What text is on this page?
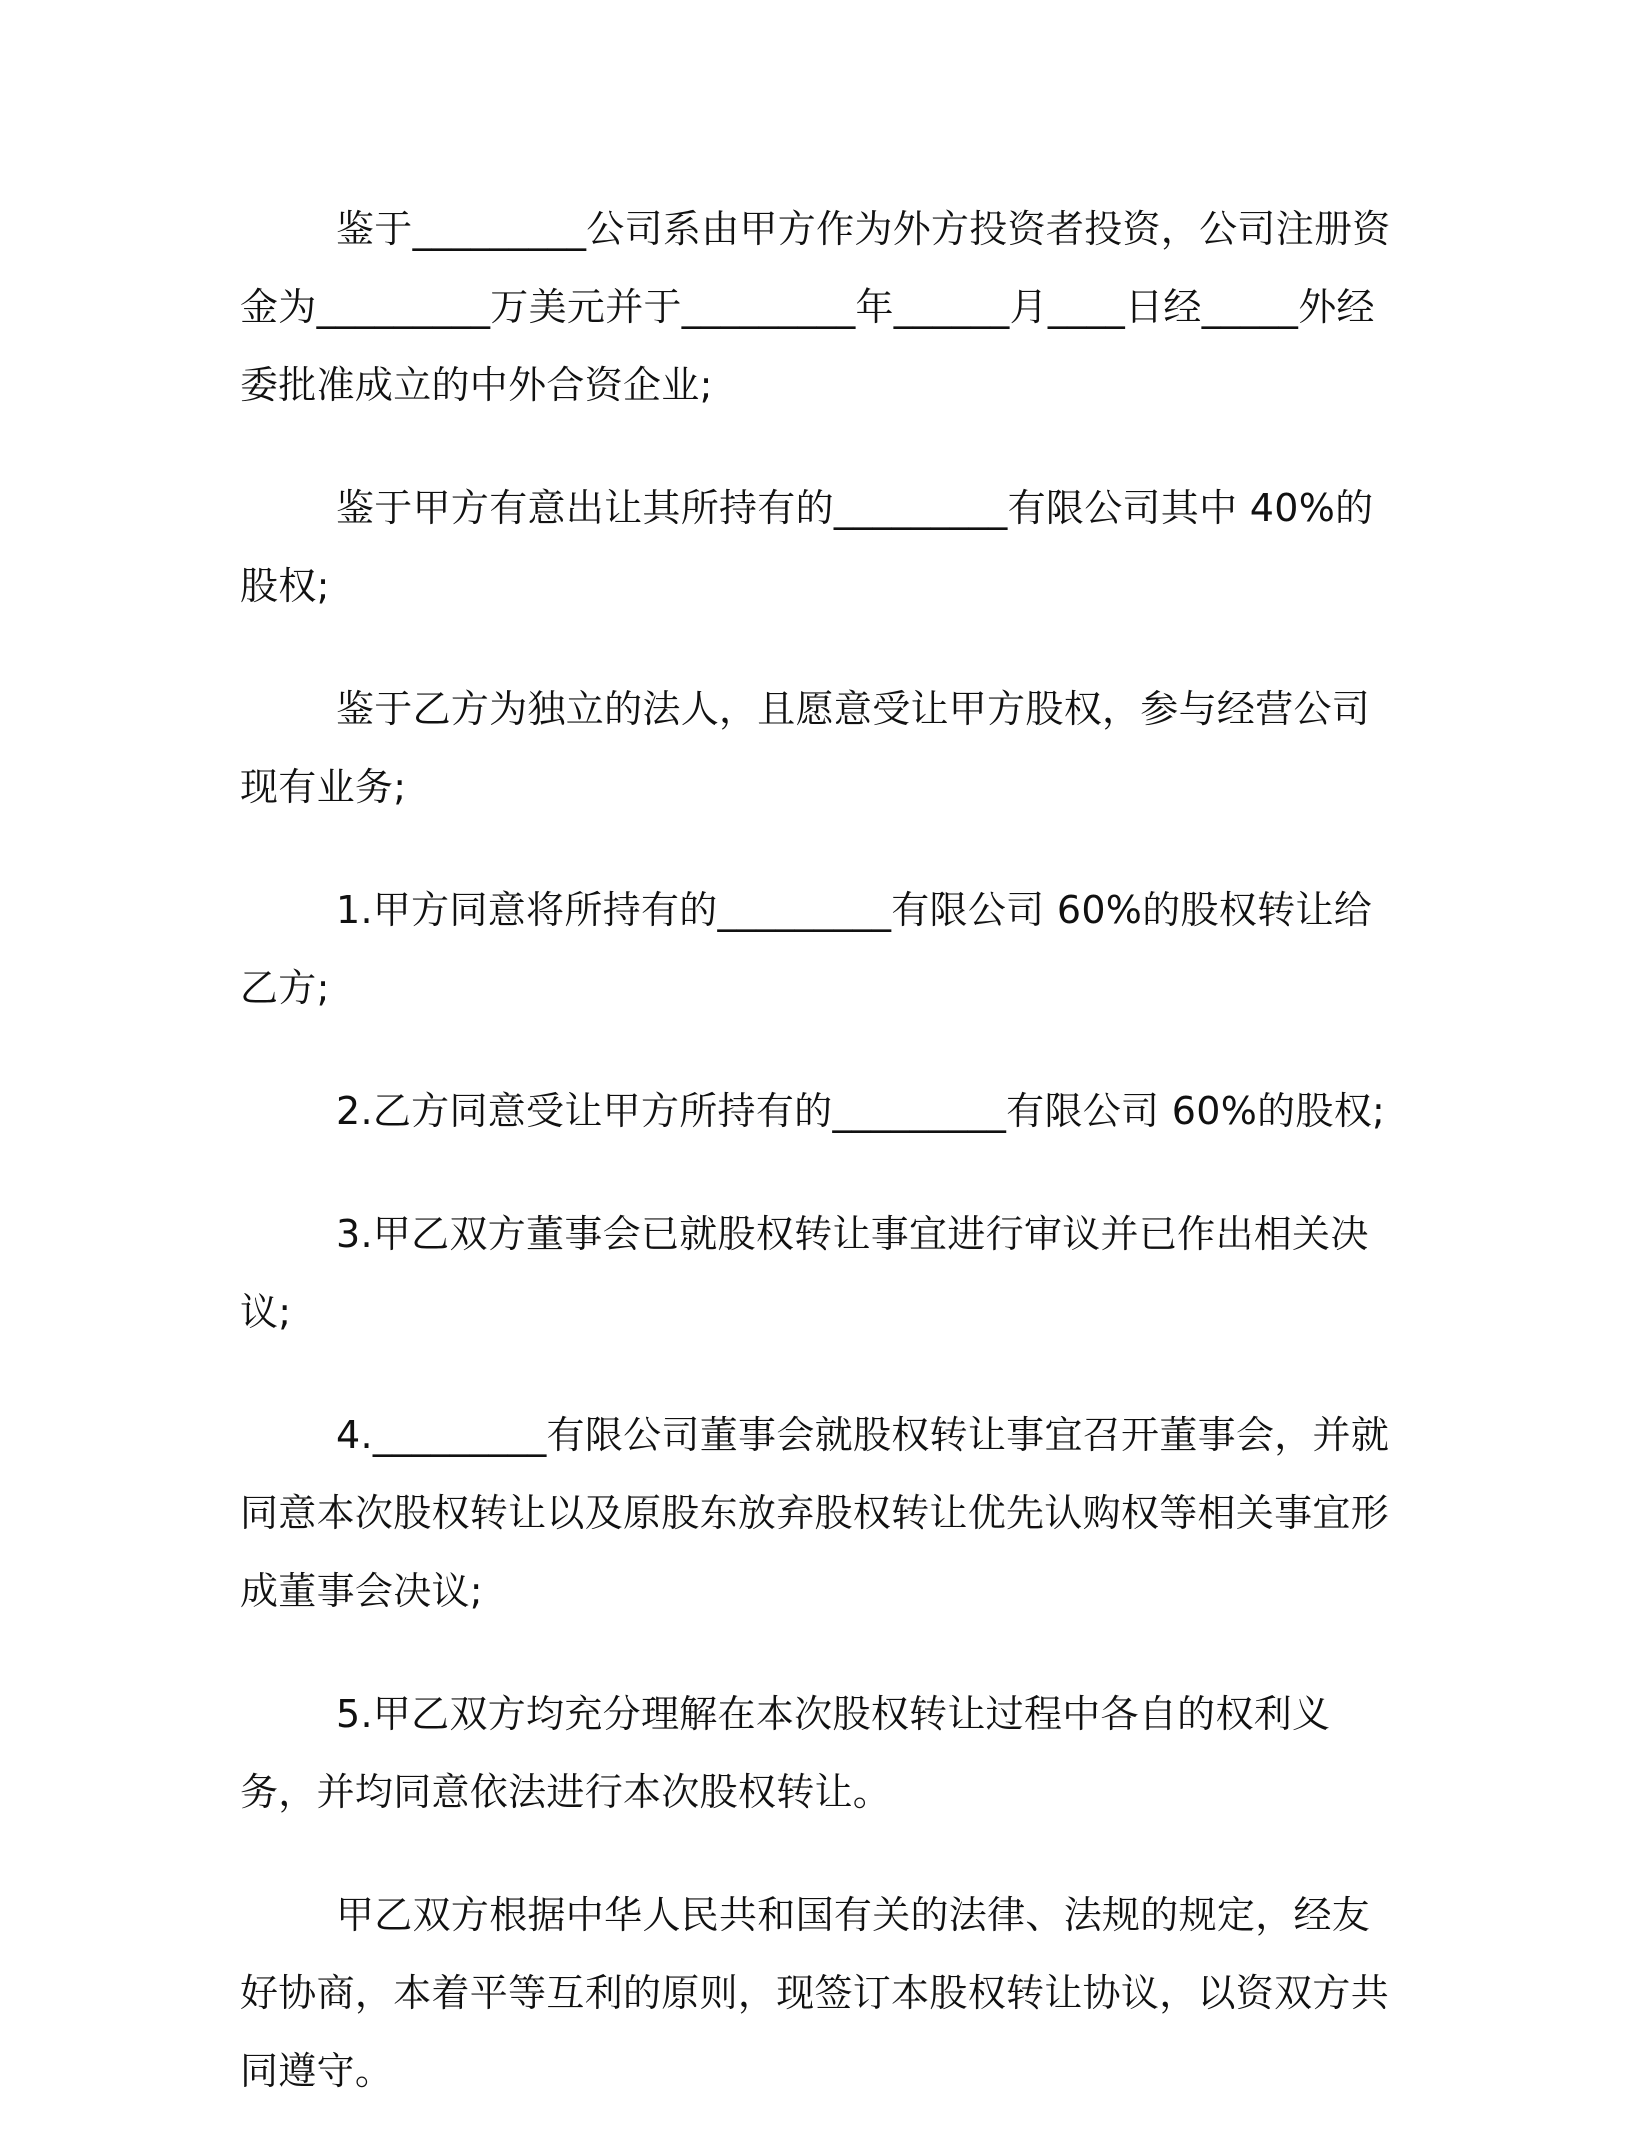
鉴于_________公司系由甲方作为外方投资者投资，公司注册资金为_________万美元并于_________年______月____日经_____外经委批准成立的中外合资企业;

鉴于甲方有意出让其所持有的_________有限公司其中 40%的股权;

鉴于乙方为独立的法人，且愿意受让甲方股权，参与经营公司现有业务;

1.甲方同意将所持有的_________有限公司 60%的股权转让给乙方;

2.乙方同意受让甲方所持有的_________有限公司 60%的股权;

3.甲乙双方董事会已就股权转让事宜进行审议并已作出相关决议;

4._________有限公司董事会就股权转让事宜召开董事会，并就同意本次股权转让以及原股东放弃股权转让优先认购权等相关事宜形成董事会决议;

5.甲乙双方均充分理解在本次股权转让过程中各自的权利义务，并均同意依法进行本次股权转让。

甲乙双方根据中华人民共和国有关的法律、法规的规定，经友好协商，本着平等互利的原则，现签订本股权转让协议，以资双方共同遵守。
